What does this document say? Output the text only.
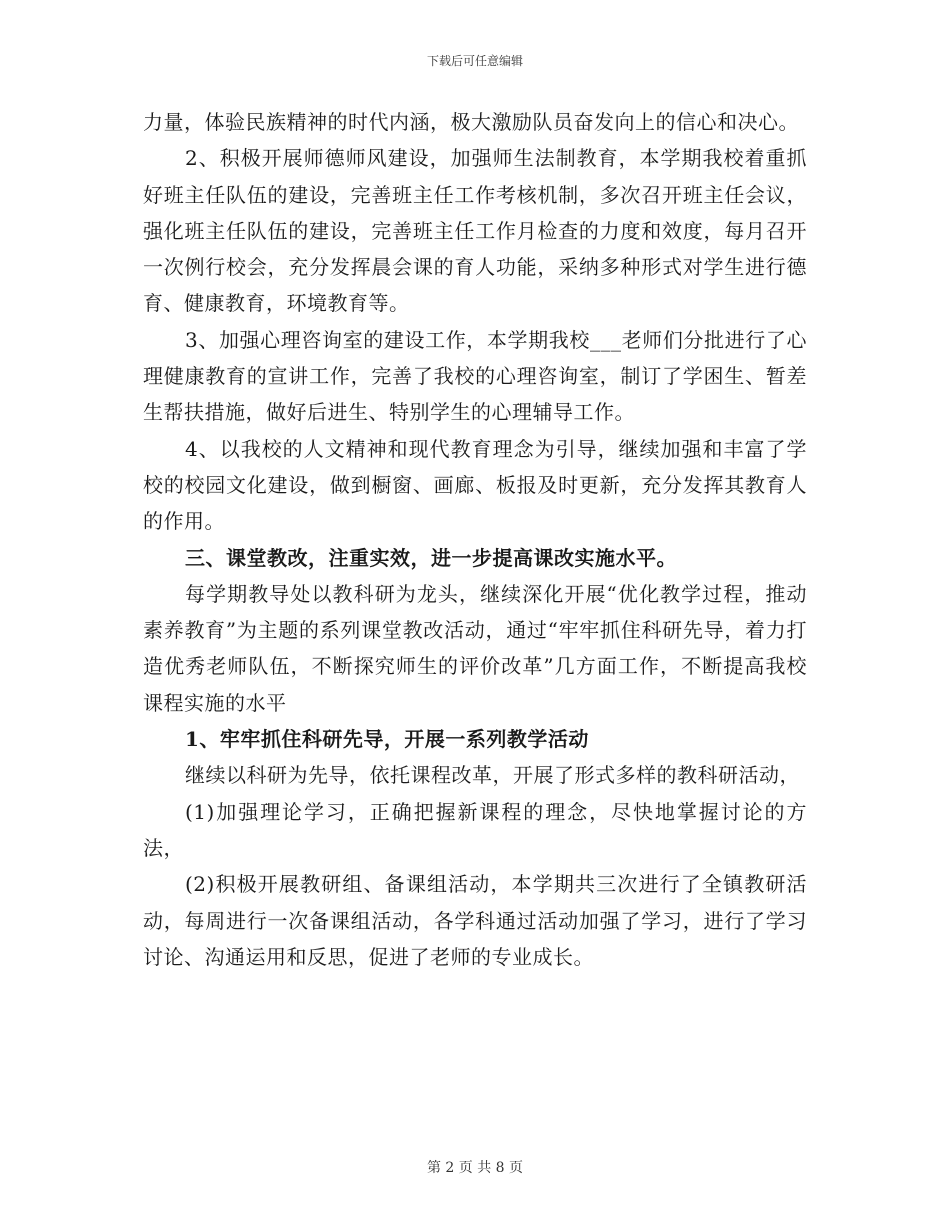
下载后可任意编辑

力量，体验民族精神的时代内涵，极大激励队员奋发向上的信心和决心。

2、积极开展师德师风建设，加强师生法制教育，本学期我校着重抓好班主任队伍的建设，完善班主任工作考核机制，多次召开班主任会议，强化班主任队伍的建设，完善班主任工作月检查的力度和效度，每月召开一次例行校会，充分发挥晨会课的育人功能，采纳多种形式对学生进行德育、健康教育，环境教育等。

3、加强心理咨询室的建设工作，本学期我校___老师们分批进行了心理健康教育的宣讲工作，完善了我校的心理咨询室，制订了学困生、暂差生帮扶措施，做好后进生、特别学生的心理辅导工作。

4、以我校的人文精神和现代教育理念为引导，继续加强和丰富了学校的校园文化建设，做到橱窗、画廊、板报及时更新，充分发挥其教育人的作用。

三、课堂教改，注重实效，进一步提高课改实施水平。

每学期教导处以教科研为龙头，继续深化开展“优化教学过程，推动素养教育”为主题的系列课堂教改活动，通过“牢牢抓住科研先导，着力打造优秀老师队伍，不断探究师生的评价改革”几方面工作，不断提高我校课程实施的水平

1、牢牢抓住科研先导，开展一系列教学活动

继续以科研为先导，依托课程改革，开展了形式多样的教科研活动，

(1)加强理论学习，正确把握新课程的理念，尽快地掌握讨论的方法，

(2)积极开展教研组、备课组活动，本学期共三次进行了全镇教研活动，每周进行一次备课组活动，各学科通过活动加强了学习，进行了学习讨论、沟通运用和反思，促进了老师的专业成长。

第 2 页 共 8 页
